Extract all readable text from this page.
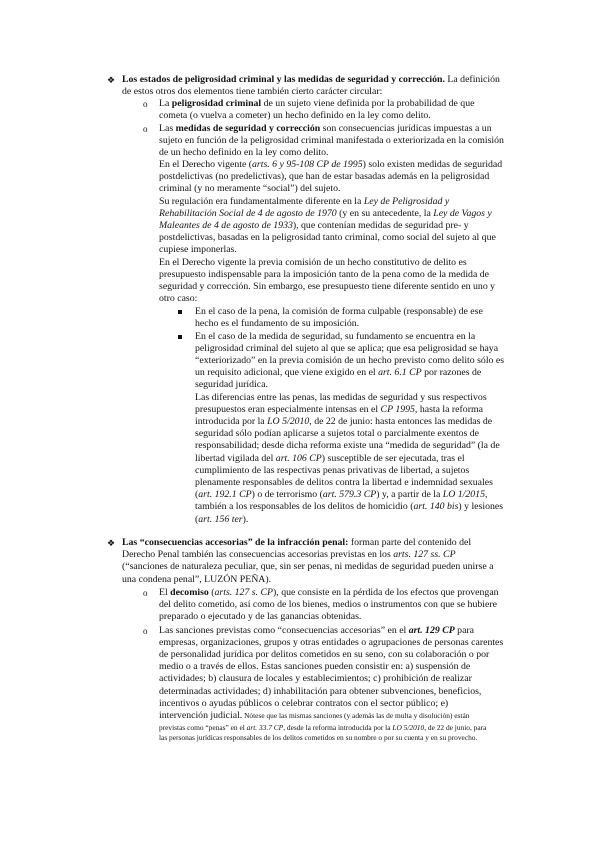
❖ Los estados de peligrosidad criminal y las medidas de seguridad y corrección. La definición
de estos otros dos elementos tiene también cierto carácter circular:
o La peligrosidad criminal de un sujeto viene definida por la probabilidad de que
cometa (o vuelva a cometer) un hecho definido en la ley como delito.
o Las medidas de seguridad y corrección son consecuencias jurídicas impuestas a un
sujeto en función de la peligrosidad criminal manifestada o exteriorizada en la comisión
de un hecho definido en la ley como delito.
En el Derecho vigente (arts. 6 y 95-108 CP de 1995) solo existen medidas de seguridad
postdelictivas (no predelictivas), que han de estar basadas además en la peligrosidad
criminal (y no meramente “social”) del sujeto.
Su regulación era fundamentalmente diferente en la Ley de Peligrosidad y
Rehabilitación Social de 4 de agosto de 1970 (y en su antecedente, la Ley de Vagos y
Maleantes de 4 de agosto de 1933), que contenían medidas de seguridad pre- y
postdelictivas, basadas en la peligrosidad tanto criminal, como social del sujeto al que
cupiese imponerlas.
En el Derecho vigente la previa comisión de un hecho constitutivo de delito es
presupuesto indispensable para la imposición tanto de la pena como de la medida de
seguridad y corrección. Sin embargo, ese presupuesto tiene diferente sentido en uno y
otro caso:
En el caso de la pena, la comisión de forma culpable (responsable) de ese
hecho es el fundamento de su imposición.
En el caso de la medida de seguridad, su fundamento se encuentra en la
peligrosidad criminal del sujeto al que se aplica; que esa peligrosidad se haya
“exteriorizado” en la previa comisión de un hecho previsto como delito sólo es
un requisito adicional, que viene exigido en el art. 6.1 CP por razones de
seguridad jurídica.
Las diferencias entre las penas, las medidas de seguridad y sus respectivos
presupuestos eran especialmente intensas en el CP 1995, hasta la reforma
introducida por la LO 5/2010, de 22 de junio: hasta entonces las medidas de
seguridad sólo podían aplicarse a sujetos total o parcialmente exentos de
responsabilidad; desde dicha reforma existe una “medida de seguridad” (la de
libertad vigilada del art. 106 CP) susceptible de ser ejecutada, tras el
cumplimiento de las respectivas penas privativas de libertad, a sujetos
plenamente responsables de delitos contra la libertad e indemnidad sexuales
(art. 192.1 CP) o de terrorismo (art. 579.3 CP) y, a partir de la LO 1/2015,
también a los responsables de los delitos de homicidio (art. 140 bis) y lesiones
(art. 156 ter).
❖ Las “consecuencias accesorias” de la infracción penal: forman parte del contenido del
Derecho Penal también las consecuencias accesorias previstas en los arts. 127 ss. CP
(“sanciones de naturaleza peculiar, que, sin ser penas, ni medidas de seguridad pueden unirse a
una condena penal”, LUZÓN PEÑA).
o El decomiso (arts. 127 s. CP), que consiste en la pérdida de los efectos que provengan
del delito cometido, así como de los bienes, medios o instrumentos con que se hubiere
preparado o ejecutado y de las ganancias obtenidas.
o Las sanciones previstas como “consecuencias accesorias” en el art. 129 CP para
empresas, organizaciones, grupos y otras entidades o agrupaciones de personas carentes
de personalidad jurídica por delitos cometidos en su seno, con su colaboración o por
medio o a través de ellos. Estas sanciones pueden consistir en: a) suspensión de
actividades; b) clausura de locales y establecimientos; c) prohibición de realizar
determinadas actividades; d) inhabilitación para obtener subvenciones, beneficios,
incentivos o ayudas públicos o celebrar contratos con el sector público; e)
intervención judicial. Nótese que las mismas sanciones (y además las de multa y disolución) están
previstas como “penas” en el art. 33.7 CP, desde la reforma introducida por la LO 5/2010, de 22 de junio, para
las personas jurídicas responsables de los delitos cometidos en su nombre o por su cuenta y en su provecho.
